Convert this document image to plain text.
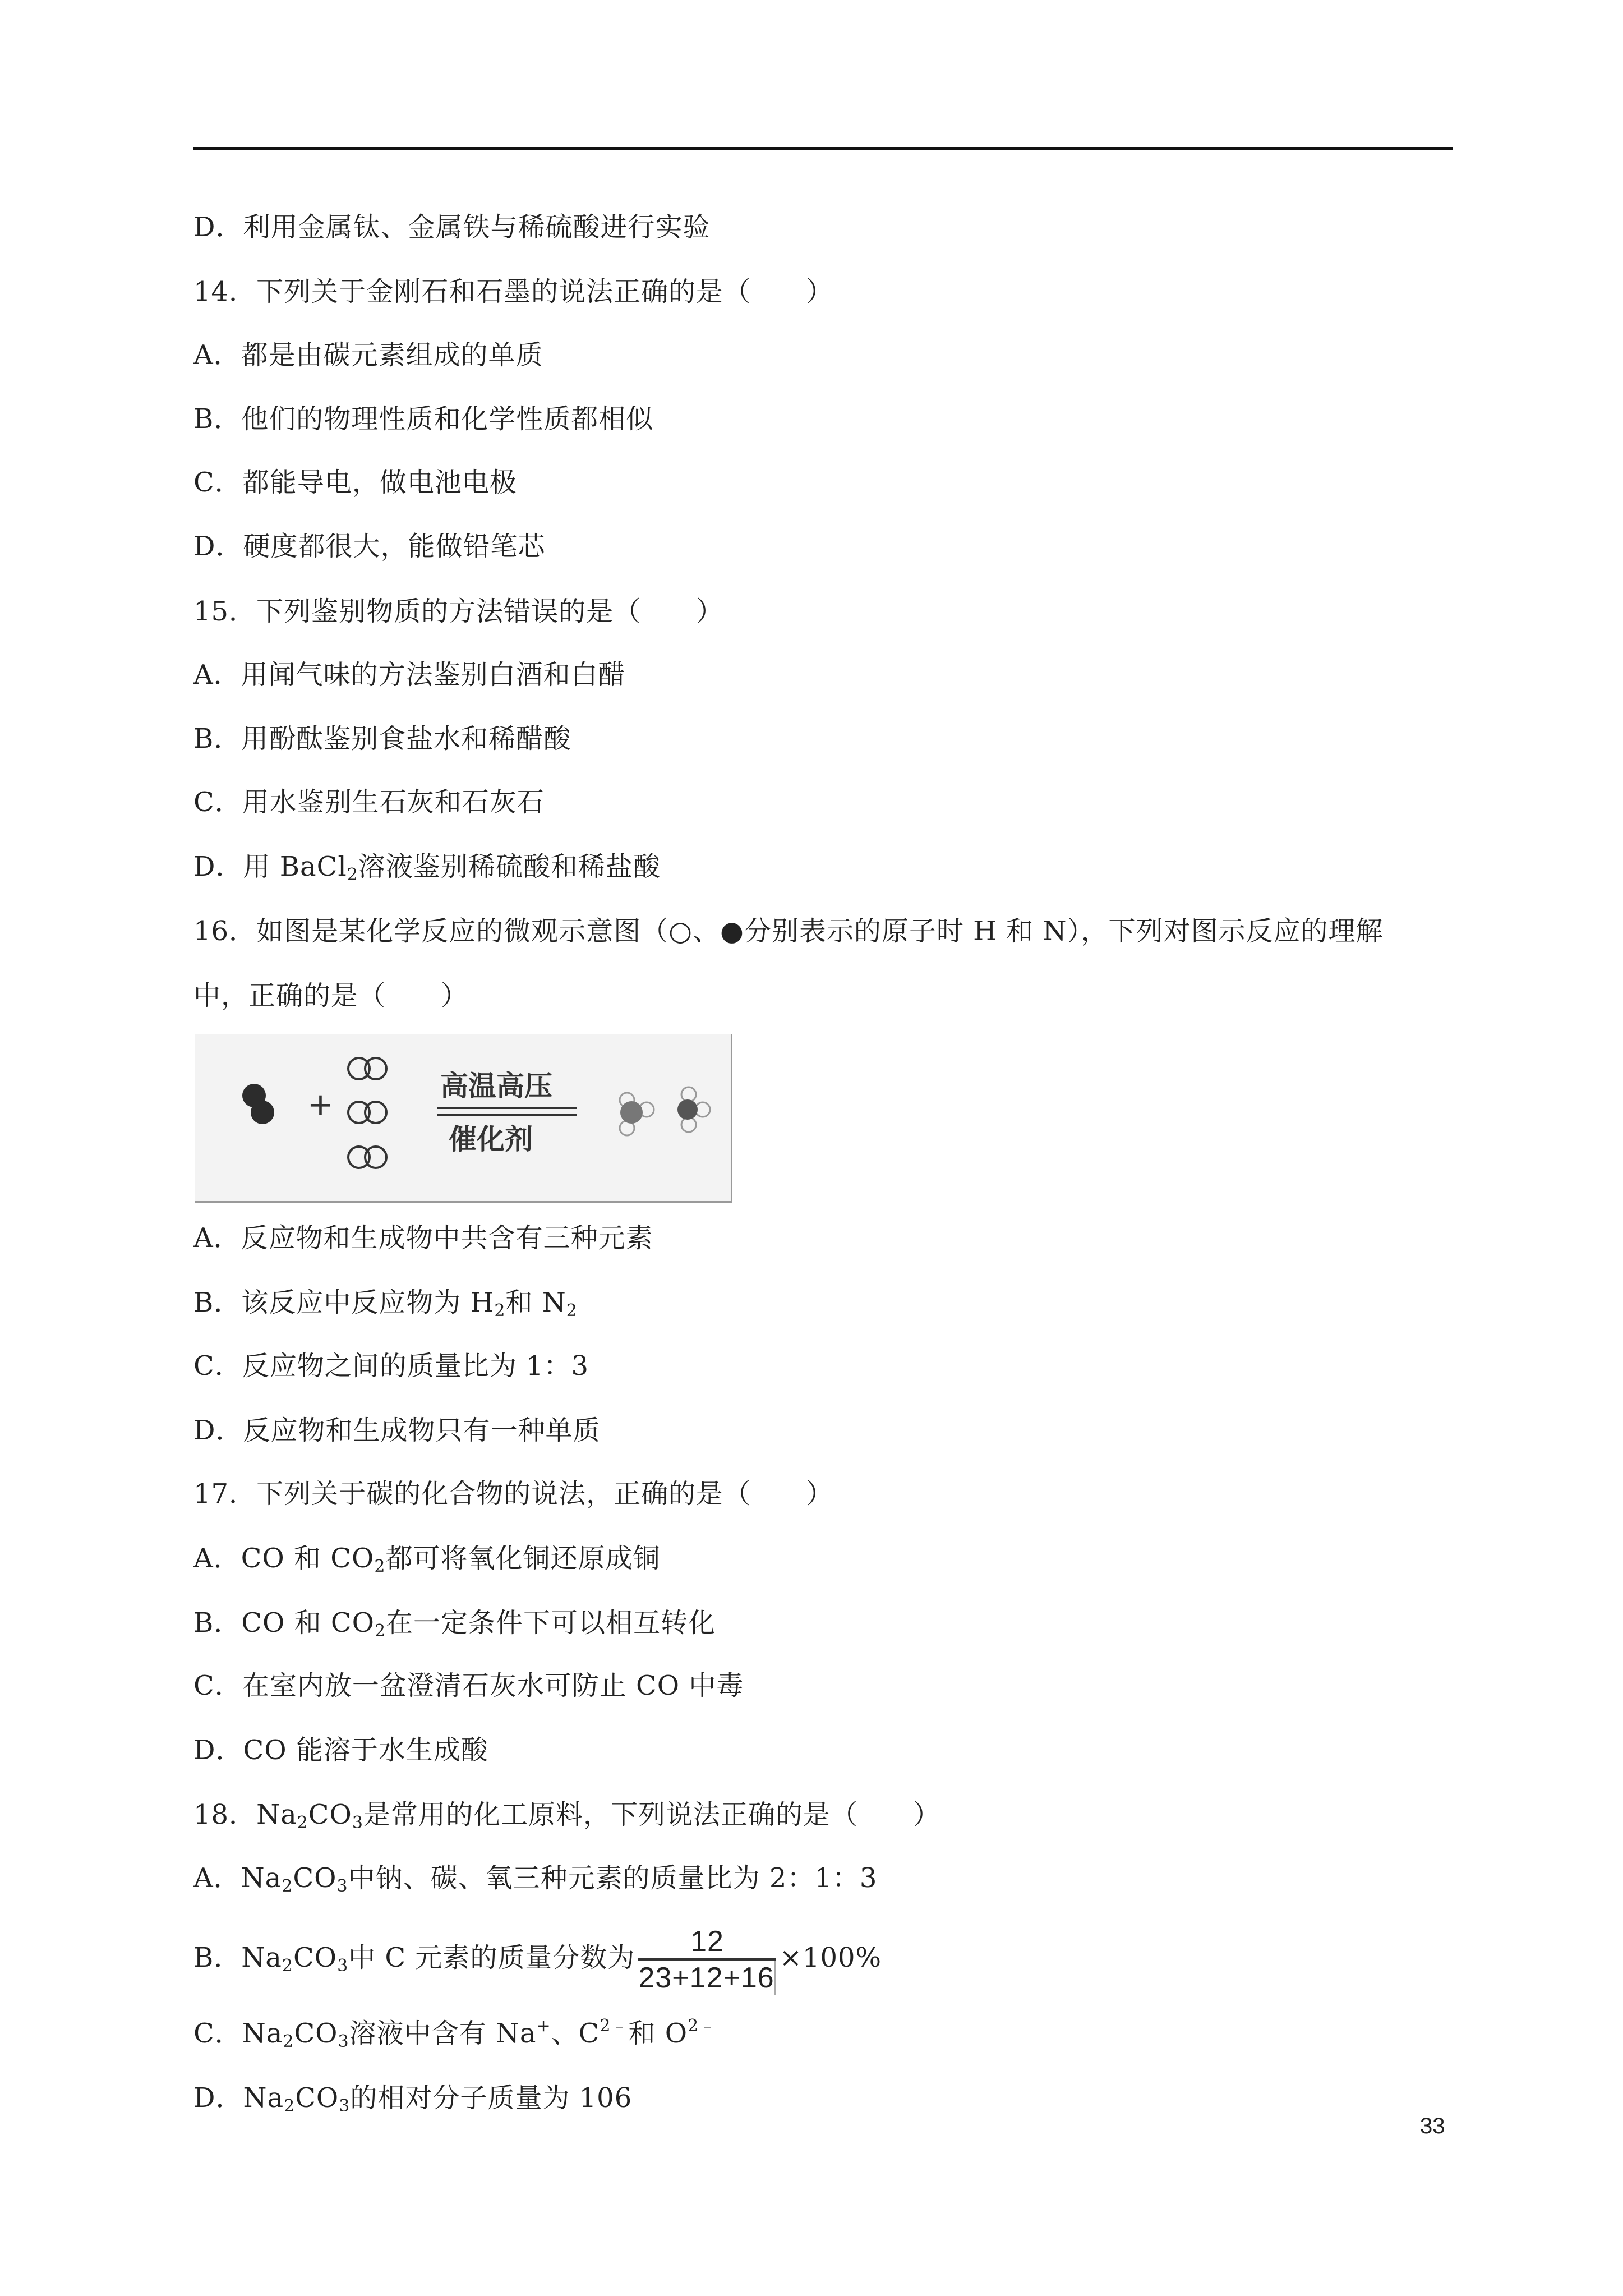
D．利用金属钛、金属铁与稀硫酸进行实验
14．下列关于金刚石和石墨的说法正确的是（　　）
A．都是由碳元素组成的单质
B．他们的物理性质和化学性质都相似
C．都能导电，做电池电极
D．硬度都很大，能做铅笔芯
15．下列鉴别物质的方法错误的是（　　）
A．用闻气味的方法鉴别白酒和白醋
B．用酚酞鉴别食盐水和稀醋酸
C．用水鉴别生石灰和石灰石
D．用 BaCl$_2$溶液鉴别稀硫酸和稀盐酸
16．如图是某化学反应的微观示意图（○、●分别表示的原子时 H 和 N），下列对图示反应的理解
中，正确的是（　　）
+
高温高压
催化剂
A．反应物和生成物中共含有三种元素
B．该反应中反应物为 $H_2$和 $N_2$
C．反应物之间的质量比为 1：3
D．反应物和生成物只有一种单质
17．下列关于碳的化合物的说法，正确的是（　　）
A．CO 和 $CO_2$都可将氧化铜还原成铜
B．CO 和 $CO_2$在一定条件下可以相互转化
C．在室内放一盆澄清石灰水可防止 CO 中毒
D．CO 能溶于水生成酸
18．$Na_2CO_3$是常用的化工原料，下列说法正确的是（　　）
A．$Na_2CO_3$中钠、碳、氧三种元素的质量比为 2：1：3
B．$Na_2CO_3$中 C 元素的质量分数为 $\frac{12}{23+12+16} \times 100\%$
C．$Na_2CO_3$溶液中含有 Na+、$C^{2﹣}$和 $O^{2﹣}$
D．$Na_2CO_3$的相对分子质量为 106
33
